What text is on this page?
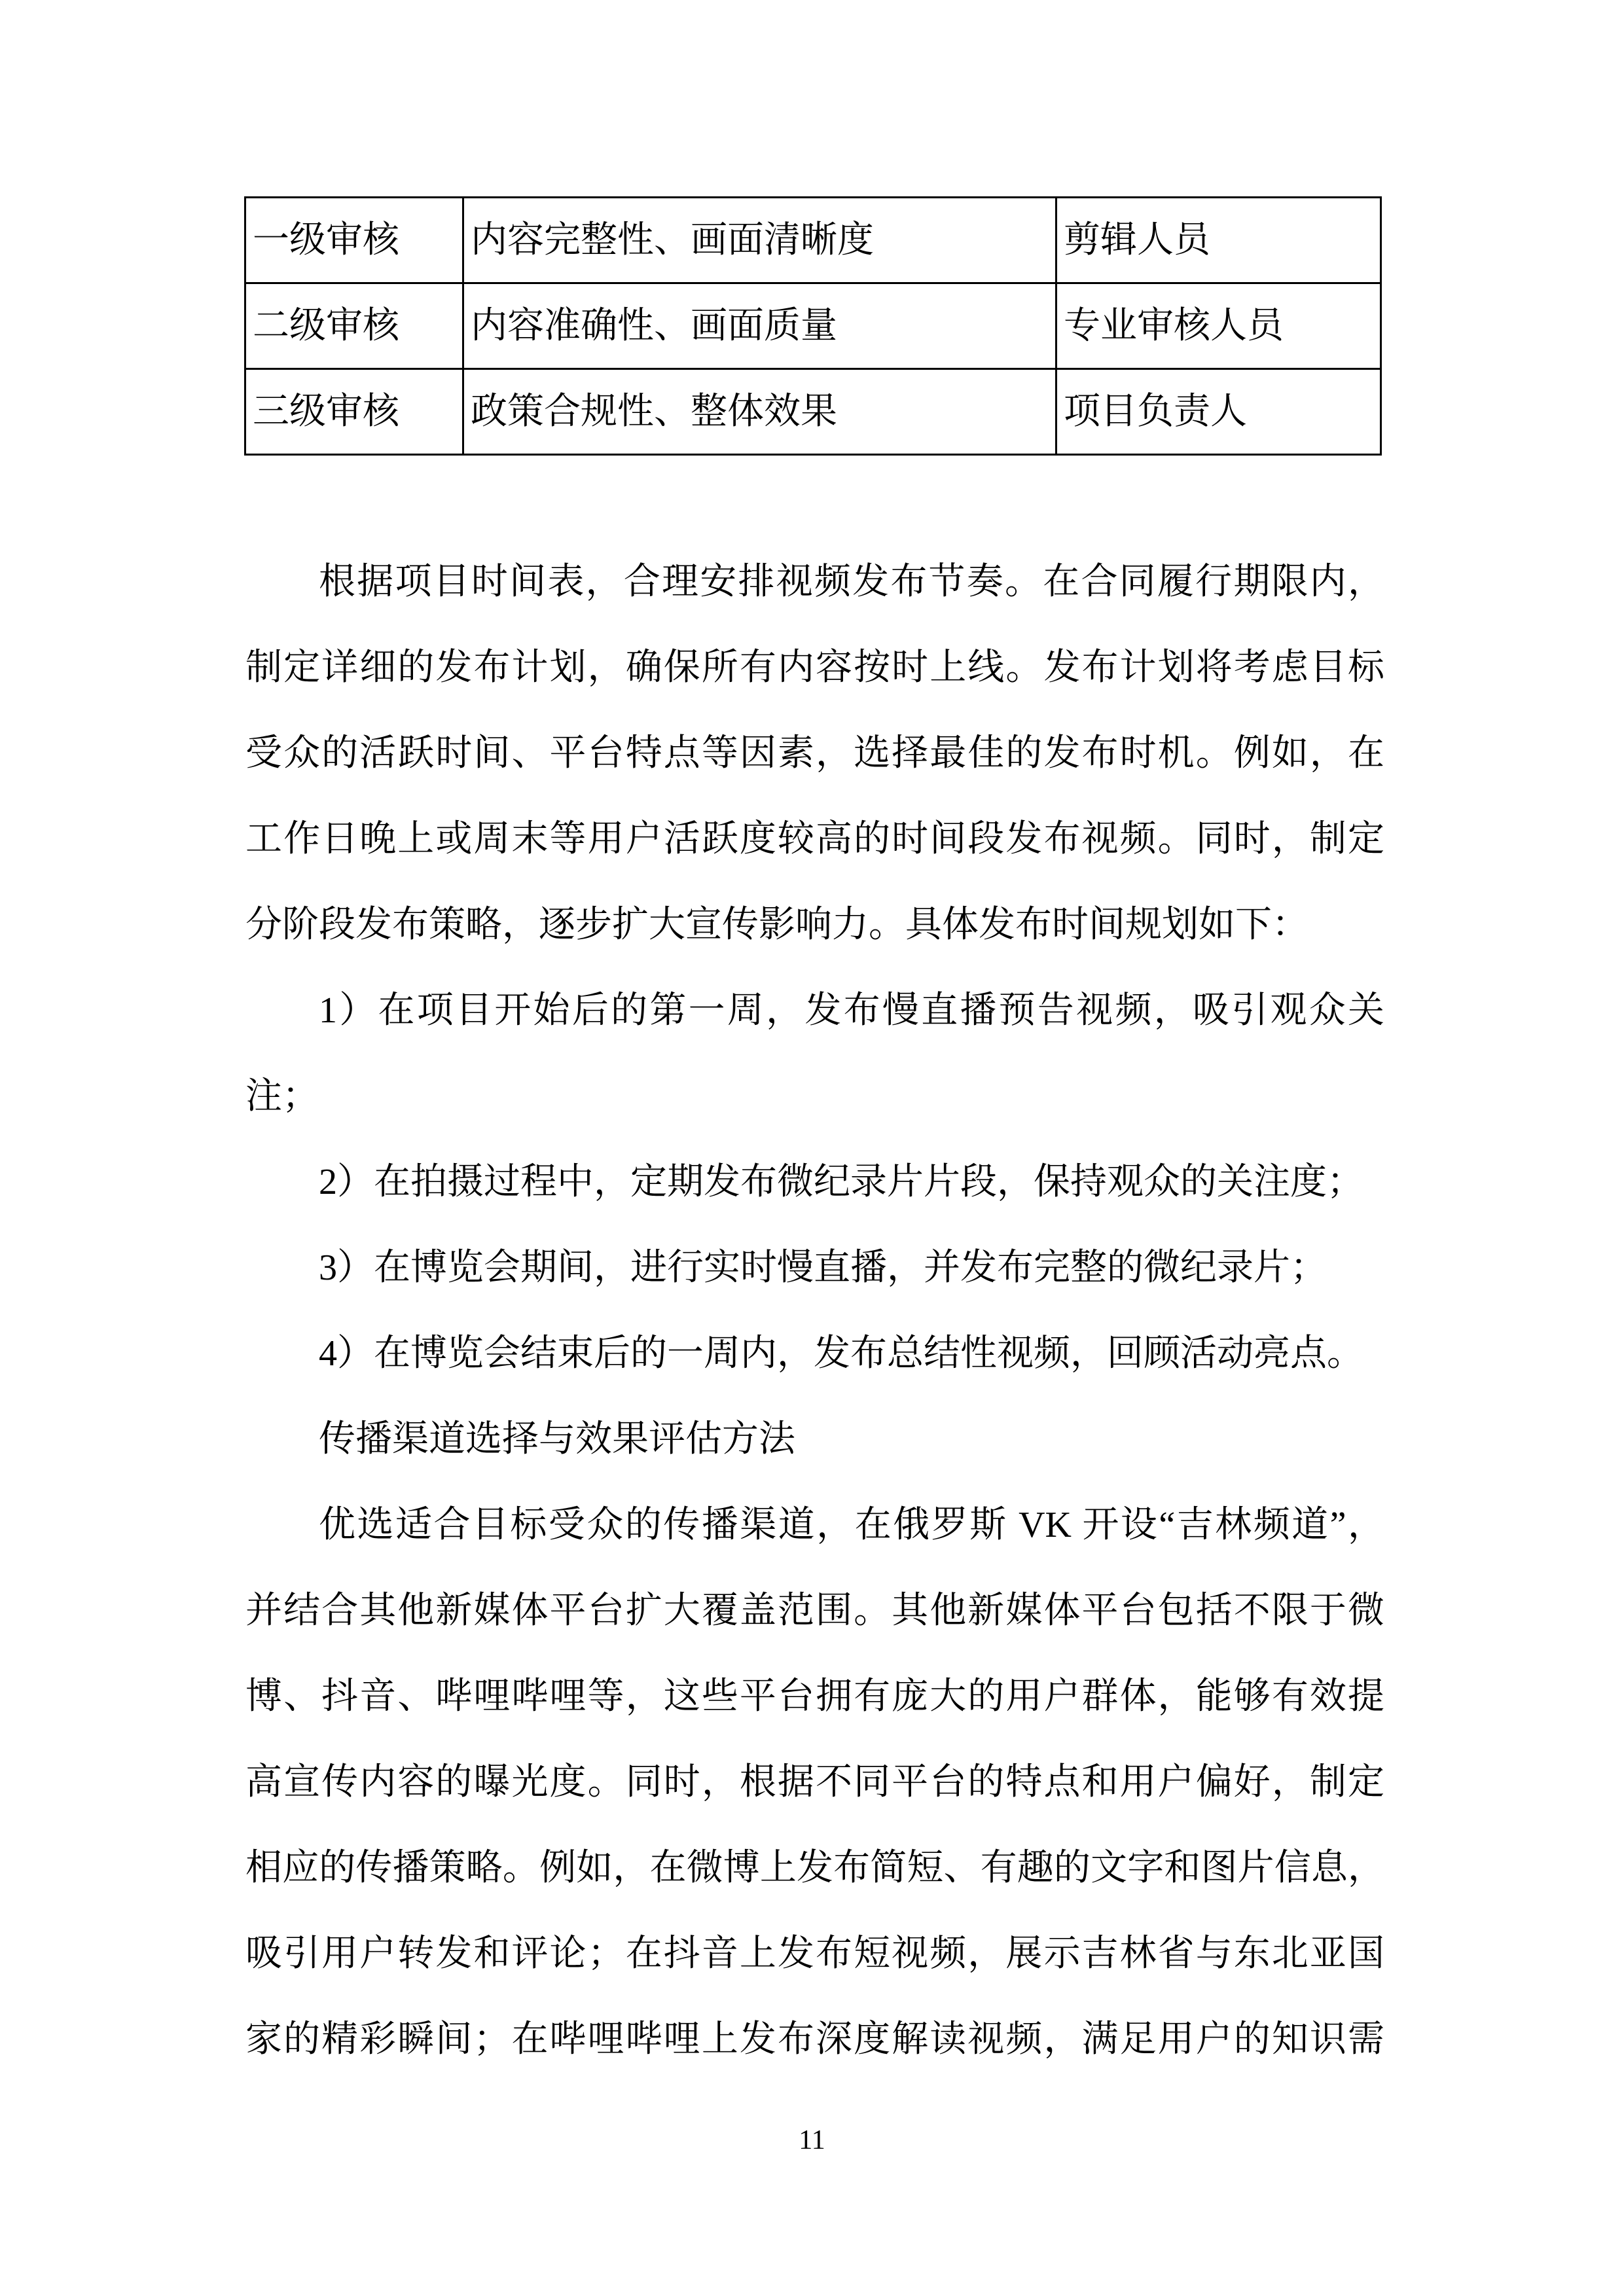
一级审核	内容完整性、画面清晰度	剪辑人员
二级审核	内容准确性、画面质量	专业审核人员
三级审核	政策合规性、整体效果	项目负责人
根据项目时间表，合理安排视频发布节奏。在合同履行期限内，
制定详细的发布计划，确保所有内容按时上线。发布计划将考虑目标
受众的活跃时间、平台特点等因素，选择最佳的发布时机。例如，在
工作日晚上或周末等用户活跃度较高的时间段发布视频。同时，制定
分阶段发布策略，逐步扩大宣传影响力。具体发布时间规划如下：
1）在项目开始后的第一周，发布慢直播预告视频，吸引观众关
注；
2）在拍摄过程中，定期发布微纪录片片段，保持观众的关注度；
3）在博览会期间，进行实时慢直播，并发布完整的微纪录片；
4）在博览会结束后的一周内，发布总结性视频，回顾活动亮点。
传播渠道选择与效果评估方法
优选适合目标受众的传播渠道，在俄罗斯 VK 开设“吉林频道”，
并结合其他新媒体平台扩大覆盖范围。其他新媒体平台包括不限于微
博、抖音、哔哩哔哩等，这些平台拥有庞大的用户群体，能够有效提
高宣传内容的曝光度。同时，根据不同平台的特点和用户偏好，制定
相应的传播策略。例如，在微博上发布简短、有趣的文字和图片信息，
吸引用户转发和评论；在抖音上发布短视频，展示吉林省与东北亚国
家的精彩瞬间；在哔哩哔哩上发布深度解读视频，满足用户的知识需
11
